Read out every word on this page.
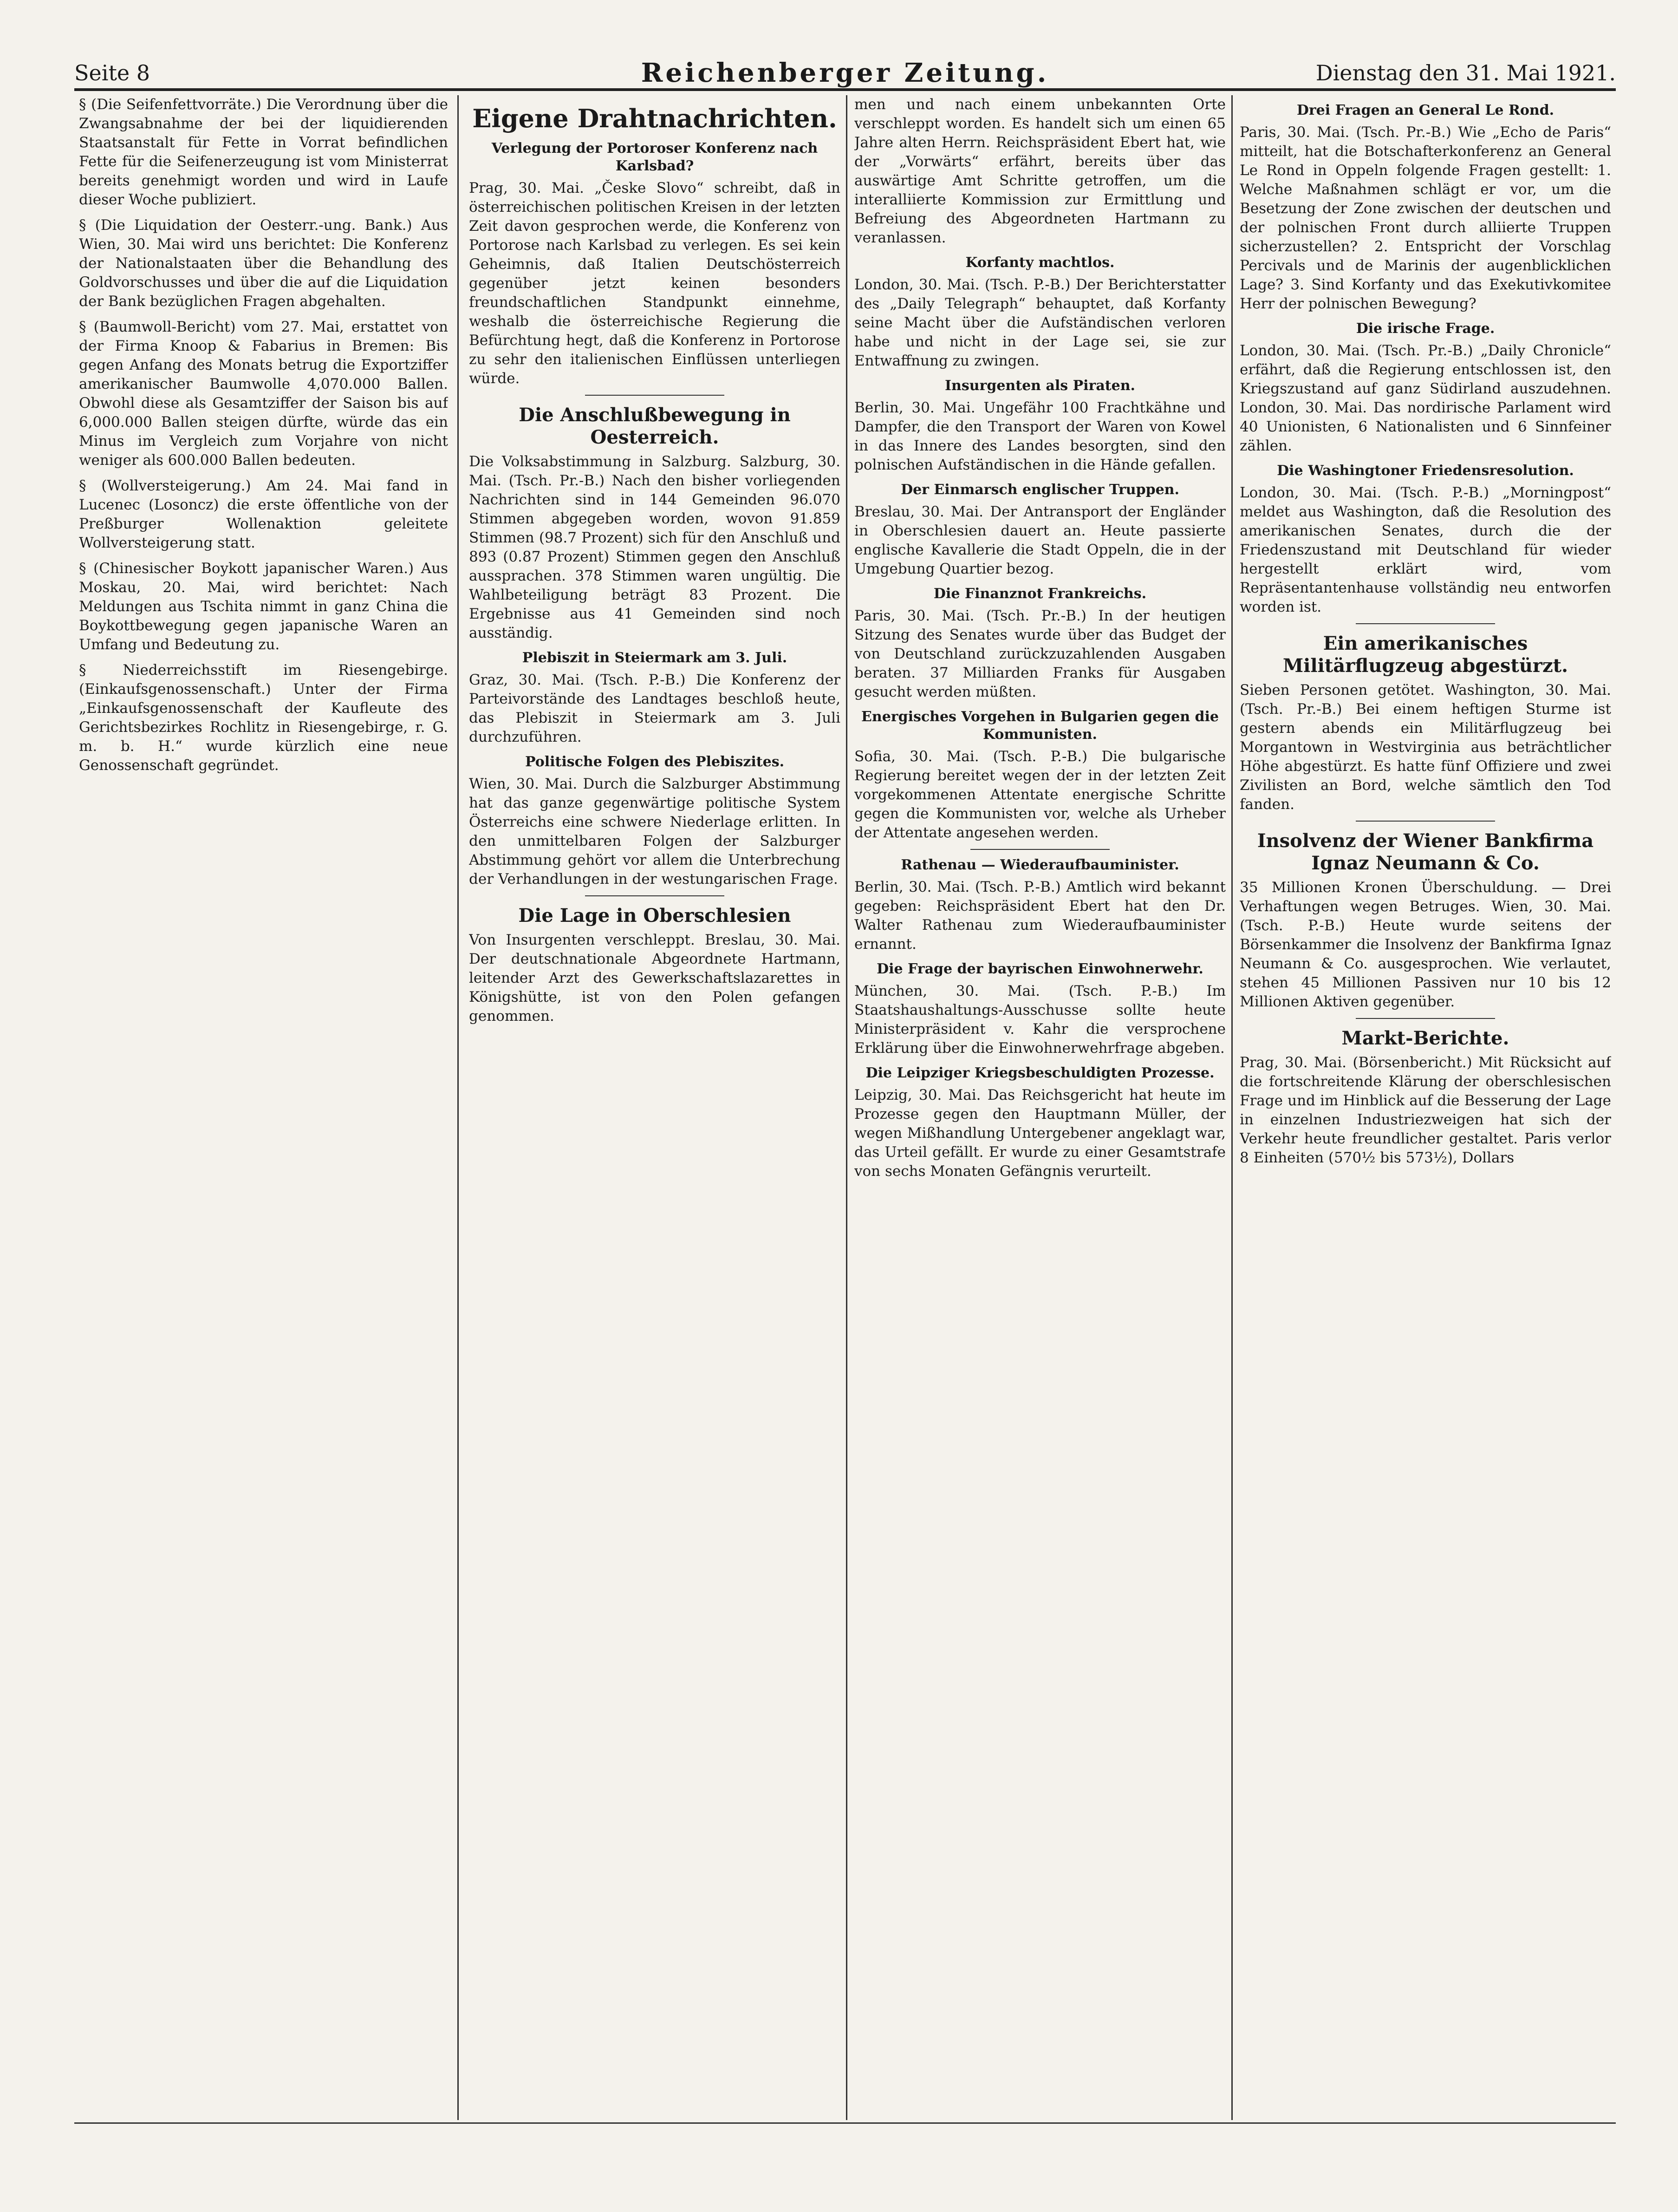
Seite 8	Reichenberger Zeitung.	Dienstag den 31. Mai 1921.

§ (Die Seifenfettvorräte.) Die Verordnung über die Zwangsabnahme der bei der liquidierenden Staatsanstalt für Fette in Vorrat befindlichen Fette für die Seifenerzeugung ist vom Ministerrat bereits genehmigt worden und wird in Laufe dieser Woche publiziert.

§ (Die Liquidation der Oesterr.-ung. Bank.) Aus Wien, 30. Mai wird uns berichtet: Die Konferenz der Nationalstaaten über die Behandlung des Goldvorschusses und über die auf die Liquidation der Bank bezüglichen Fragen abgehalten.

§ (Baumwoll-Bericht) vom 27. Mai, erstattet von der Firma Knoop & Fabarius in Bremen: Bis gegen Anfang des Monats betrug die Exportziffer amerikanischer Baumwolle 4,070.000 Ballen. Obwohl diese als Gesamtziffer der Saison bis auf 6,000.000 Ballen steigen dürfte, würde das ein Minus im Vergleich zum Vorjahre von nicht weniger als 600.000 Ballen bedeuten.

§ (Wollversteigerung.) Am 24. Mai fand in Lucenec (Losoncz) die erste öffentliche von der Preßburger Wollenaktion geleitete Wollversteigerung statt.

§ (Chinesischer Boykott japanischer Waren.) Aus Moskau, 20. Mai, wird berichtet: Nach Meldungen aus Tschita nimmt in ganz China die Boykottbewegung gegen japanische Waren an Umfang und Bedeutung zu.

§ Niederreichsstift im Riesengebirge. (Einkaufsgenossenschaft.) Unter der Firma „Einkaufsgenossenschaft der Kaufleute des Gerichtsbezirkes Rochlitz in Riesengebirge, r. G. m. b. H.“ wurde kürzlich eine neue Genossenschaft gegründet.

Eigene Drahtnachrichten.
Verlegung der Portoroser Konferenz nach Karlsbad?

Prag, 30. Mai. „Česke Slovo“ schreibt, daß in österreichischen politischen Kreisen in der letzten Zeit davon gesprochen werde, die Konferenz von Portorose nach Karlsbad zu verlegen. Es sei kein Geheimnis, daß Italien Deutschösterreich gegenüber jetzt keinen besonders freundschaftlichen Standpunkt einnehme, weshalb die österreichische Regierung die Befürchtung hegt, daß die Konferenz in Portorose zu sehr den italienischen Einflüssen unterliegen würde.

Die Anschlußbewegung in Oesterreich.

Die Volksabstimmung in Salzburg. Salzburg, 30. Mai. (Tsch. Pr.-B.) Nach den bisher vorliegenden Nachrichten sind in 144 Gemeinden 96.070 Stimmen abgegeben worden, wovon 91.859 Stimmen (98.7 Prozent) sich für den Anschluß und 893 (0.87 Prozent) Stimmen gegen den Anschluß aussprachen. 378 Stimmen waren ungültig. Die Wahlbeteiligung beträgt 83 Prozent. Die Ergebnisse aus 41 Gemeinden sind noch ausständig.

Plebiszit in Steiermark am 3. Juli.

Graz, 30. Mai. (Tsch. P.-B.) Die Konferenz der Parteivorstände des Landtages beschloß heute, das Plebiszit in Steiermark am 3. Juli durchzuführen.

Politische Folgen des Plebiszites.

Wien, 30. Mai. Durch die Salzburger Abstimmung hat das ganze gegenwärtige politische System Österreichs eine schwere Niederlage erlitten. In den unmittelbaren Folgen der Salzburger Abstimmung gehört vor allem die Unterbrechung der Verhandlungen in der westungarischen Frage.

Die Lage in Oberschlesien

Von Insurgenten verschleppt. Breslau, 30. Mai. Der deutschnationale Abgeordnete Hartmann, leitender Arzt des Gewerkschaftslazarettes in Königshütte, ist von den Polen gefangen genommen.

men und nach einem unbekannten Orte verschleppt worden. Es handelt sich um einen 65 Jahre alten Herrn. Reichspräsident Ebert hat, wie der „Vorwärts“ erfährt, bereits über das auswärtige Amt Schritte getroffen, um die interalliierte Kommission zur Ermittlung und Befreiung des Abgeordneten Hartmann zu veranlassen.

Korfanty machtlos.

London, 30. Mai. (Tsch. P.-B.) Der Berichterstatter des „Daily Telegraph“ behauptet, daß Korfanty seine Macht über die Aufständischen verloren habe und nicht in der Lage sei, sie zur Entwaffnung zu zwingen.

Insurgenten als Piraten.

Berlin, 30. Mai. Ungefähr 100 Frachtkähne und Dampfer, die den Transport der Waren von Kowel in das Innere des Landes besorgten, sind den polnischen Aufständischen in die Hände gefallen.

Der Einmarsch englischer Truppen.

Breslau, 30. Mai. Der Antransport der Engländer in Oberschlesien dauert an. Heute passierte englische Kavallerie die Stadt Oppeln, die in der Umgebung Quartier bezog.

Die Finanznot Frankreichs.

Paris, 30. Mai. (Tsch. Pr.-B.) In der heutigen Sitzung des Senates wurde über das Budget der von Deutschland zurückzuzahlenden Ausgaben beraten. 37 Milliarden Franks für Ausgaben gesucht werden müßten.

Energisches Vorgehen in Bulgarien gegen die Kommunisten.

Sofia, 30. Mai. (Tsch. P.-B.) Die bulgarische Regierung bereitet wegen der in der letzten Zeit vorgekommenen Attentate energische Schritte gegen die Kommunisten vor, welche als Urheber der Attentate angesehen werden.

Rathenau — Wiederaufbauminister.

Berlin, 30. Mai. (Tsch. P.-B.) Amtlich wird bekannt gegeben: Reichspräsident Ebert hat den Dr. Walter Rathenau zum Wiederaufbauminister ernannt.

Die Frage der bayrischen Einwohnerwehr.

München, 30. Mai. (Tsch. P.-B.) Im Staatshaushaltungs-Ausschusse sollte heute Ministerpräsident v. Kahr die versprochene Erklärung über die Einwohnerwehrfrage abgeben.

Die Leipziger Kriegsbeschuldigten Prozesse.

Leipzig, 30. Mai. Das Reichsgericht hat heute im Prozesse gegen den Hauptmann Müller, der wegen Mißhandlung Untergebener angeklagt war, das Urteil gefällt. Er wurde zu einer Gesamtstrafe von sechs Monaten Gefängnis verurteilt.

Drei Fragen an General Le Rond.

Paris, 30. Mai. (Tsch. Pr.-B.) Wie „Echo de Paris“ mitteilt, hat die Botschafterkonferenz an General Le Rond in Oppeln folgende Fragen gestellt: 1. Welche Maßnahmen schlägt er vor, um die Besetzung der Zone zwischen der deutschen und der polnischen Front durch alliierte Truppen sicherzustellen? 2. Entspricht der Vorschlag Percivals und de Marinis der augenblicklichen Lage? 3. Sind Korfanty und das Exekutivkomitee Herr der polnischen Bewegung?

Die irische Frage.

London, 30. Mai. (Tsch. Pr.-B.) „Daily Chronicle“ erfährt, daß die Regierung entschlossen ist, den Kriegszustand auf ganz Südirland auszudehnen. London, 30. Mai. Das nordirische Parlament wird 40 Unionisten, 6 Nationalisten und 6 Sinnfeiner zählen.

Die Washingtoner Friedensresolution.

London, 30. Mai. (Tsch. P.-B.) „Morningpost“ meldet aus Washington, daß die Resolution des amerikanischen Senates, durch die der Friedenszustand mit Deutschland für wieder hergestellt erklärt wird, vom Repräsentantenhause vollständig neu entworfen worden ist.

Ein amerikanisches Militärflugzeug abgestürzt.

Sieben Personen getötet. Washington, 30. Mai. (Tsch. Pr.-B.) Bei einem heftigen Sturme ist gestern abends ein Militärflugzeug bei Morgantown in Westvirginia aus beträchtlicher Höhe abgestürzt. Es hatte fünf Offiziere und zwei Zivilisten an Bord, welche sämtlich den Tod fanden.

Insolvenz der Wiener Bankfirma Ignaz Neumann & Co.

35 Millionen Kronen Überschuldung. — Drei Verhaftungen wegen Betruges. Wien, 30. Mai. (Tsch. P.-B.) Heute wurde seitens der Börsenkammer die Insolvenz der Bankfirma Ignaz Neumann & Co. ausgesprochen. Wie verlautet, stehen 45 Millionen Passiven nur 10 bis 12 Millionen Aktiven gegenüber.

Markt-Berichte.

Prag, 30. Mai. (Börsenbericht.) Mit Rücksicht auf die fortschreitende Klärung der oberschlesischen Frage und im Hinblick auf die Besserung der Lage in einzelnen Industriezweigen hat sich der Verkehr heute freundlicher gestaltet. Paris verlor 8 Einheiten (570½ bis 573½), Dollars
